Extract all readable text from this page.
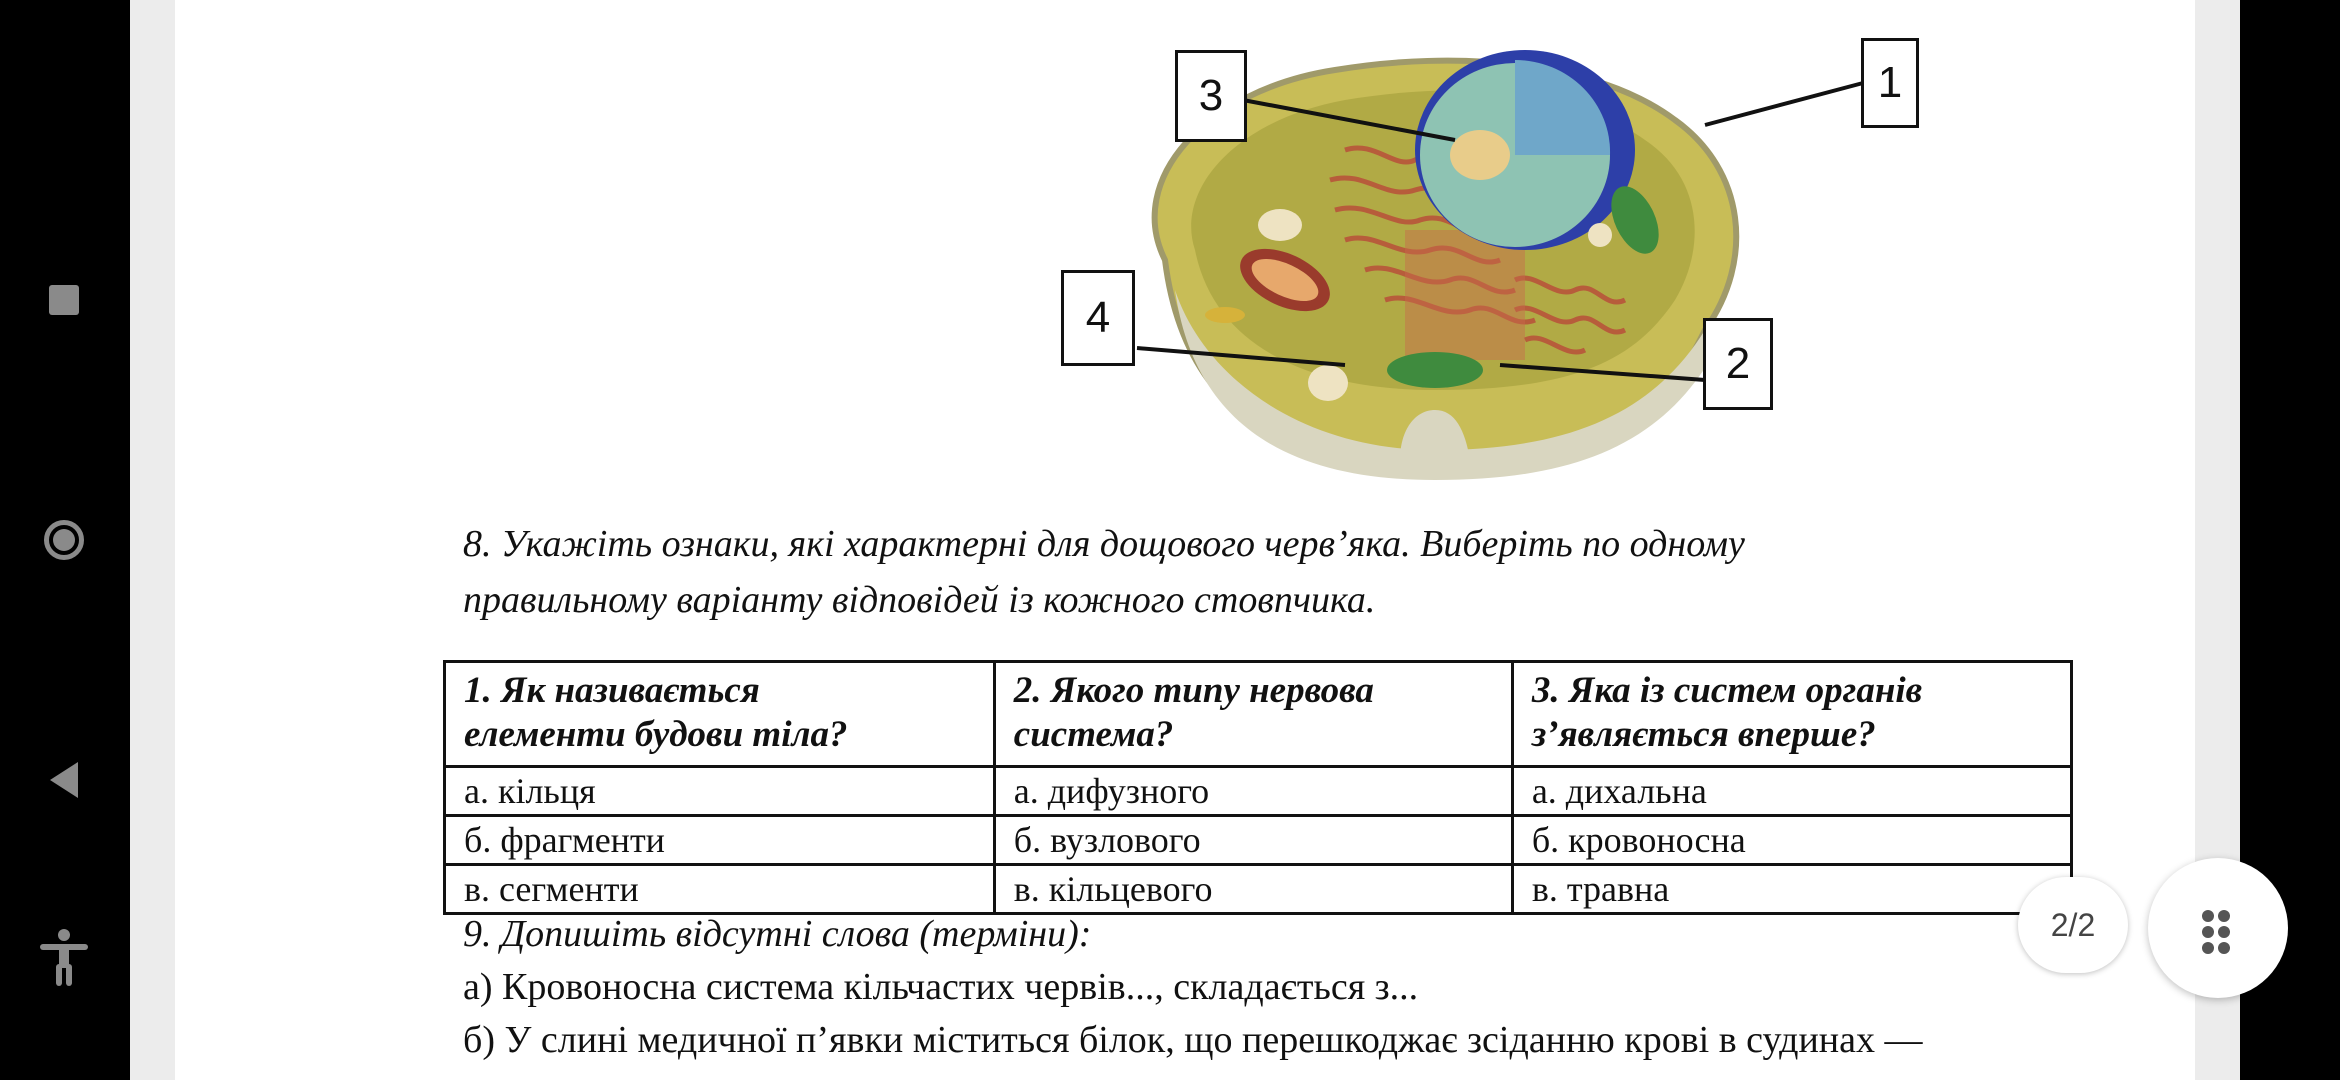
3	1
4
2
8. Укажіть ознаки, які характерні для дощового черв’яка. Виберіть по одному
правильному варіанту відповідей із кожного стовпчика.
1. Як називається
елементи будови тіла?	2. Якого типу нервова
система?	3. Яка із систем органів
з’являється вперше?
а. кільця	а. дифузного	а. дихальна
б. фрагменти	б. вузлового	б. кровоносна
в. сегменти	в. кільцевого	в. травна
9. Допишіть відсутні слова (терміни):
а) Кровоносна система кільчастих червів..., складається з...
б) У слині медичної п’явки міститься білок, що перешкоджає зсіданню крові в судинах —
2/2
